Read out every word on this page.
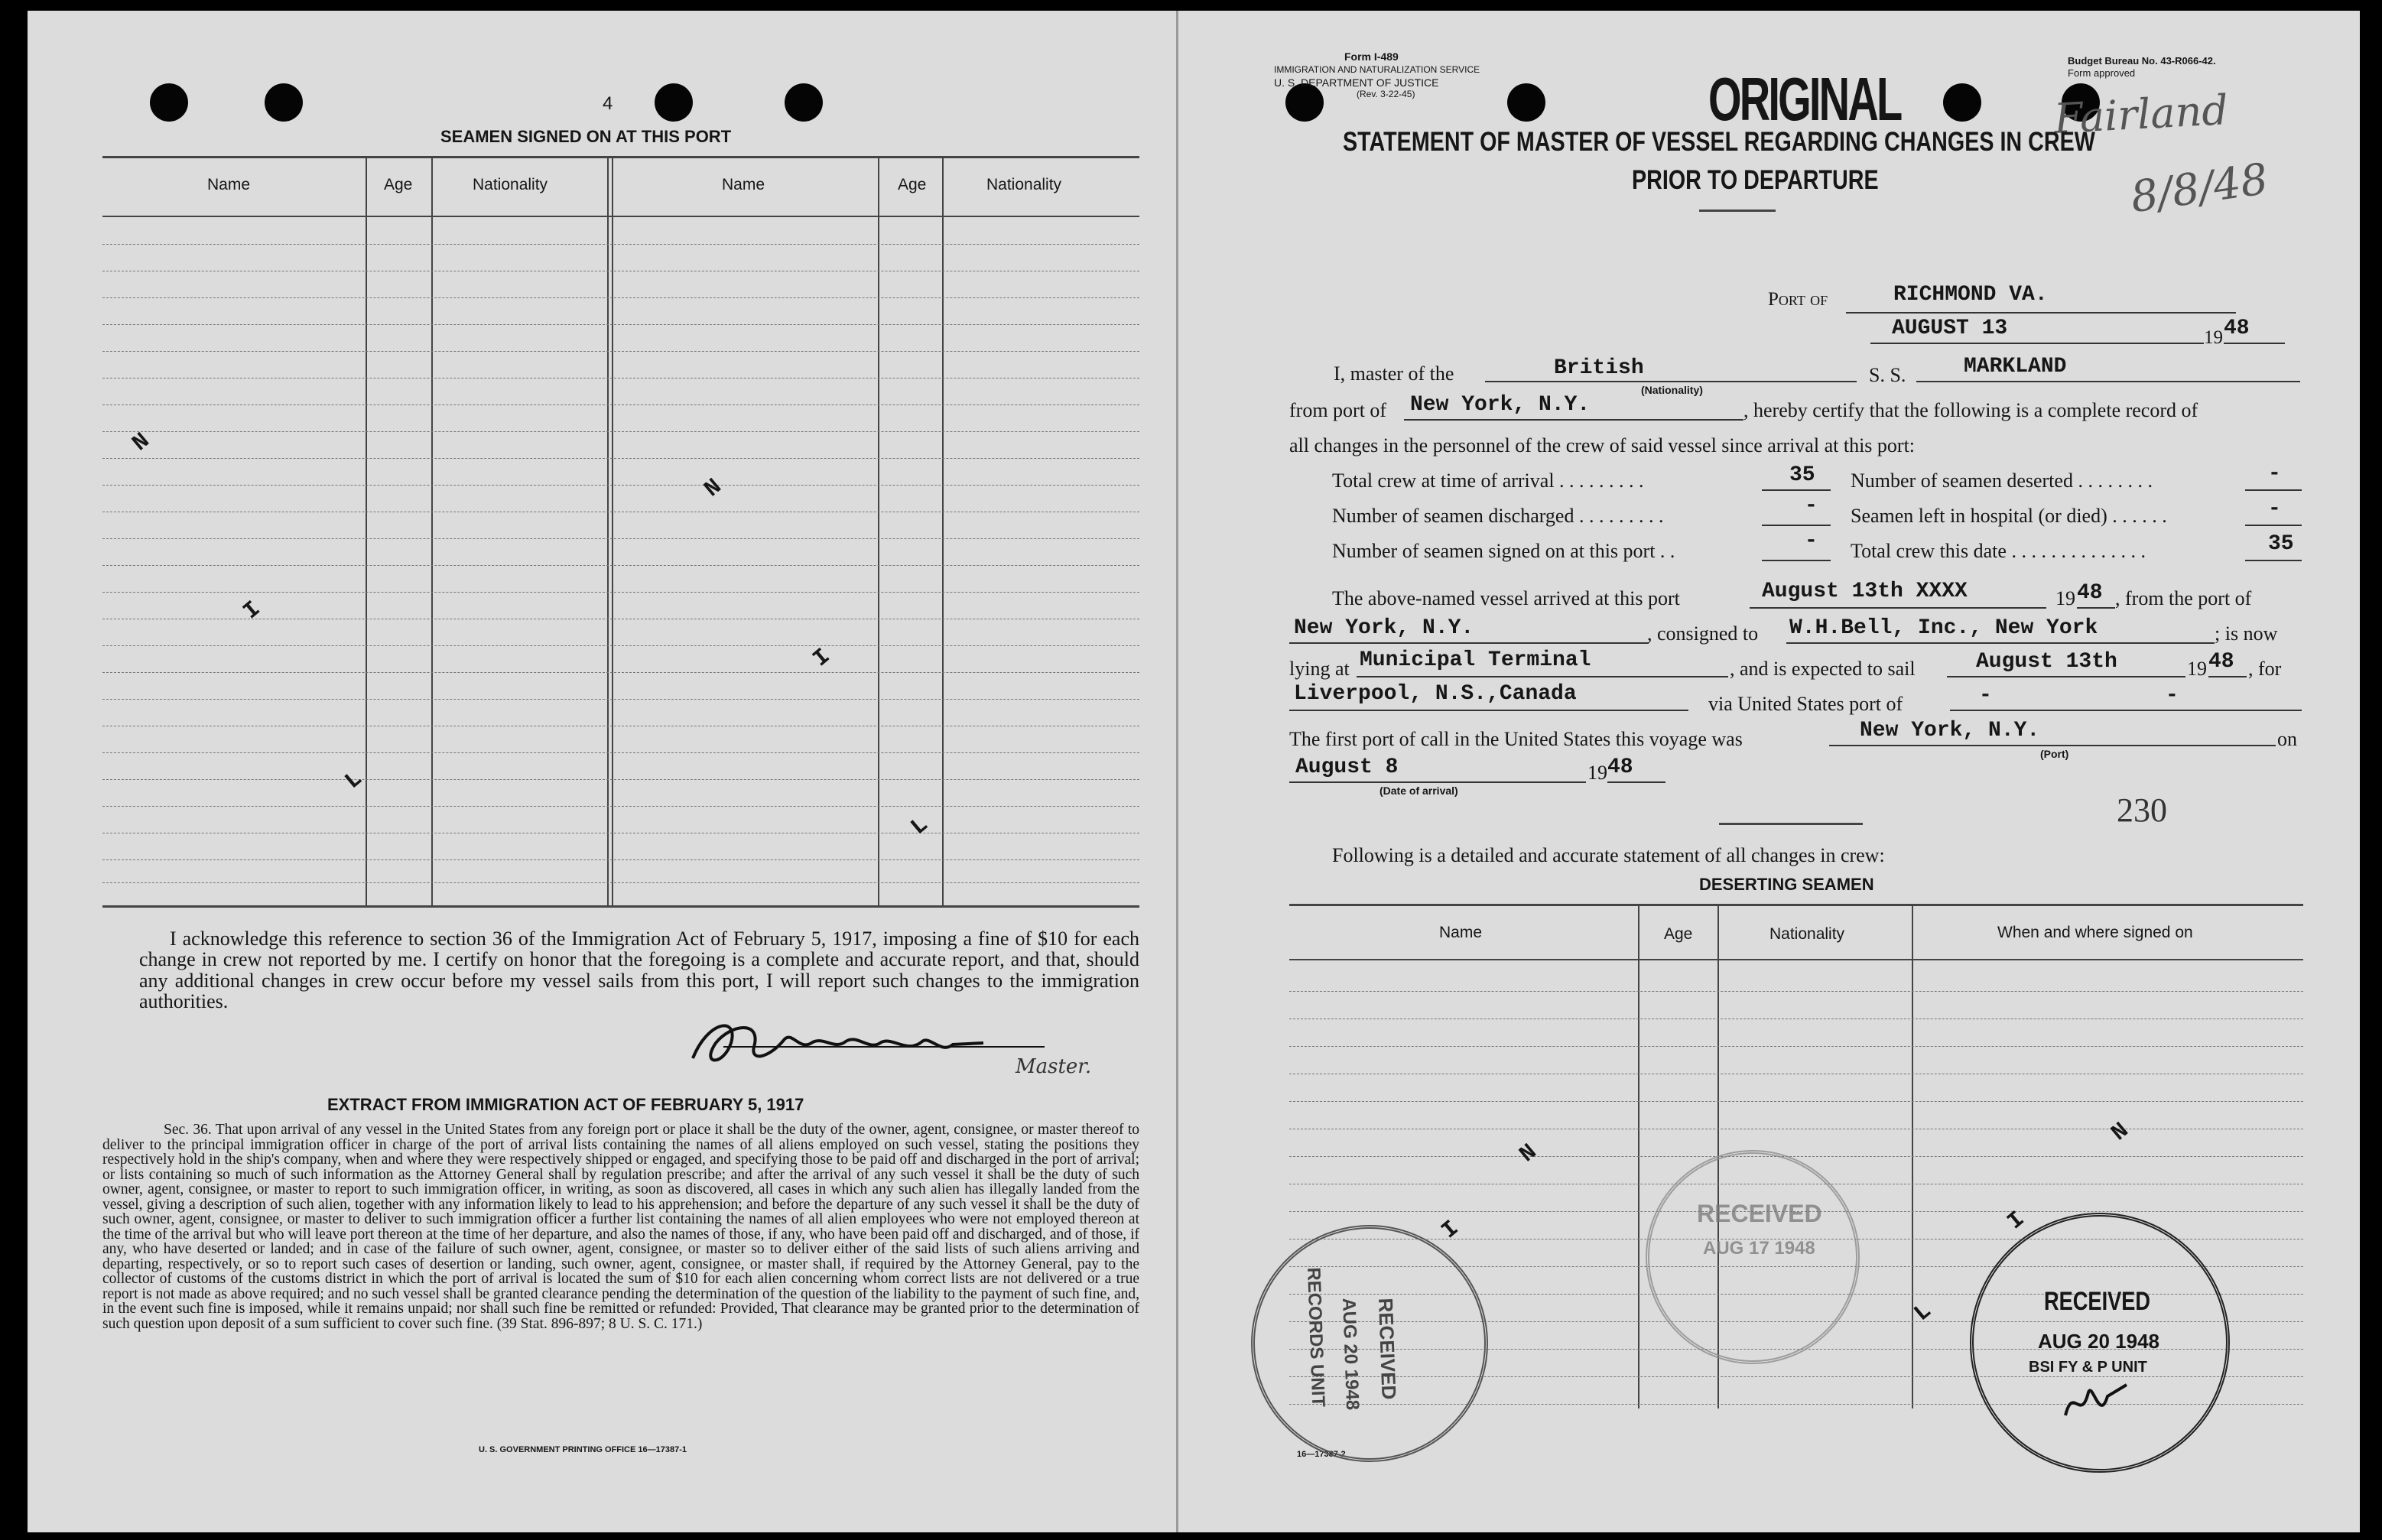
4
SEAMEN SIGNED ON AT THIS PORT
Name	Age	Nationality	Name	Age	Nationality
N
I
L
N
I
L
I acknowledge this reference to section 36 of the Immigration Act of February 5, 1917, imposing a fine of $10 for each change in crew not reported by me. I certify on honor that the foregoing is a complete and accurate report, and that, should any additional changes in crew occur before my vessel sails from this port, I will report such changes to the immigration authorities.
Master.
EXTRACT FROM IMMIGRATION ACT OF FEBRUARY 5, 1917
Sec. 36. That upon arrival of any vessel in the United States from any foreign port or place it shall be the duty of the owner, agent, consignee, or master thereof to deliver to the principal immigration officer in charge of the port of arrival lists containing the names of all aliens employed on such vessel, stating the positions they respectively hold in the ship's company, when and where they were respectively shipped or engaged, and specifying those to be paid off and discharged in the port of arrival; or lists containing so much of such information as the Attorney General shall by regulation prescribe; and after the arrival of any such vessel it shall be the duty of such owner, agent, consignee, or master to report to such immigration officer, in writing, as soon as discovered, all cases in which any such alien has illegally landed from the vessel, giving a description of such alien, together with any information likely to lead to his apprehension; and before the departure of any such vessel it shall be the duty of such owner, agent, consignee, or master to deliver to such immigration officer a further list containing the names of all alien employees who were not employed thereon at the time of the arrival but who will leave port thereon at the time of her departure, and also the names of those, if any, who have been paid off and discharged, and of those, if any, who have deserted or landed; and in case of the failure of such owner, agent, consignee, or master so to deliver either of the said lists of such aliens arriving and departing, respectively, or so to report such cases of desertion or landing, such owner, agent, consignee, or master shall, if required by the Attorney General, pay to the collector of customs of the customs district in which the port of arrival is located the sum of $10 for each alien concerning whom correct lists are not delivered or a true report is not made as above required; and no such vessel shall be granted clearance pending the determination of the question of the liability to the payment of such fine, and, in the event such fine is imposed, while it remains unpaid; nor shall such fine be remitted or refunded: Provided, That clearance may be granted prior to the determination of such question upon deposit of a sum sufficient to cover such fine. (39 Stat. 896-897; 8 U. S. C. 171.)
U. S. GOVERNMENT PRINTING OFFICE 16—17387-1
Form I-489
IMMIGRATION AND NATURALIZATION SERVICE
U. S. DEPARTMENT OF JUSTICE
(Rev. 3-22-45)
Budget Bureau No. 43-R066-42.
Form approved
ORIGINAL	Fairland
8/8/48
STATEMENT OF MASTER OF VESSEL REGARDING CHANGES IN CREW
PRIOR TO DEPARTURE
Port of	RICHMOND VA.
AUGUST 13	19 48
I, master of the	British
(Nationality)
S. S.	MARKLAND
from port of New York, N.Y.	, hereby certify that the following is a complete record of
all changes in the personnel of the crew of said vessel since arrival at this port:
Total crew at time of arrival . . . . . . . . .	35
Number of seamen discharged . . . . . . . . .	-
Number of seamen signed on at this port . .	-
Number of seamen deserted . . . . . . . .	-
Seamen left in hospital (or died) . . . . . .	-
Total crew this date . . . . . . . . . . . . . .	35
The above-named vessel arrived at this port	August 13th XXXX	19 48 , from the port of
New York, N.Y.	, consigned to W.H.Bell, Inc., New York	; is now
lying at Municipal Terminal	, and is expected to sail	August 13th	19 48 , for
Liverpool, N.S.,Canada	via United States port of	-	-
The first port of call in the United States this voyage was	New York, N.Y.
(Port)
on
August 8	19 48
(Date of arrival)
230
Following is a detailed and accurate statement of all changes in crew:
DESERTING SEAMEN
Name	Age	Nationality	When and where signed on
N
I
L
N
I
16—17387-2
RECEIVED
AUG 17 1948
RECEIVED
AUG 20 1948
BSI FY & P UNIT
RECORDS UNIT AUG 20 1948 RECEIVED
